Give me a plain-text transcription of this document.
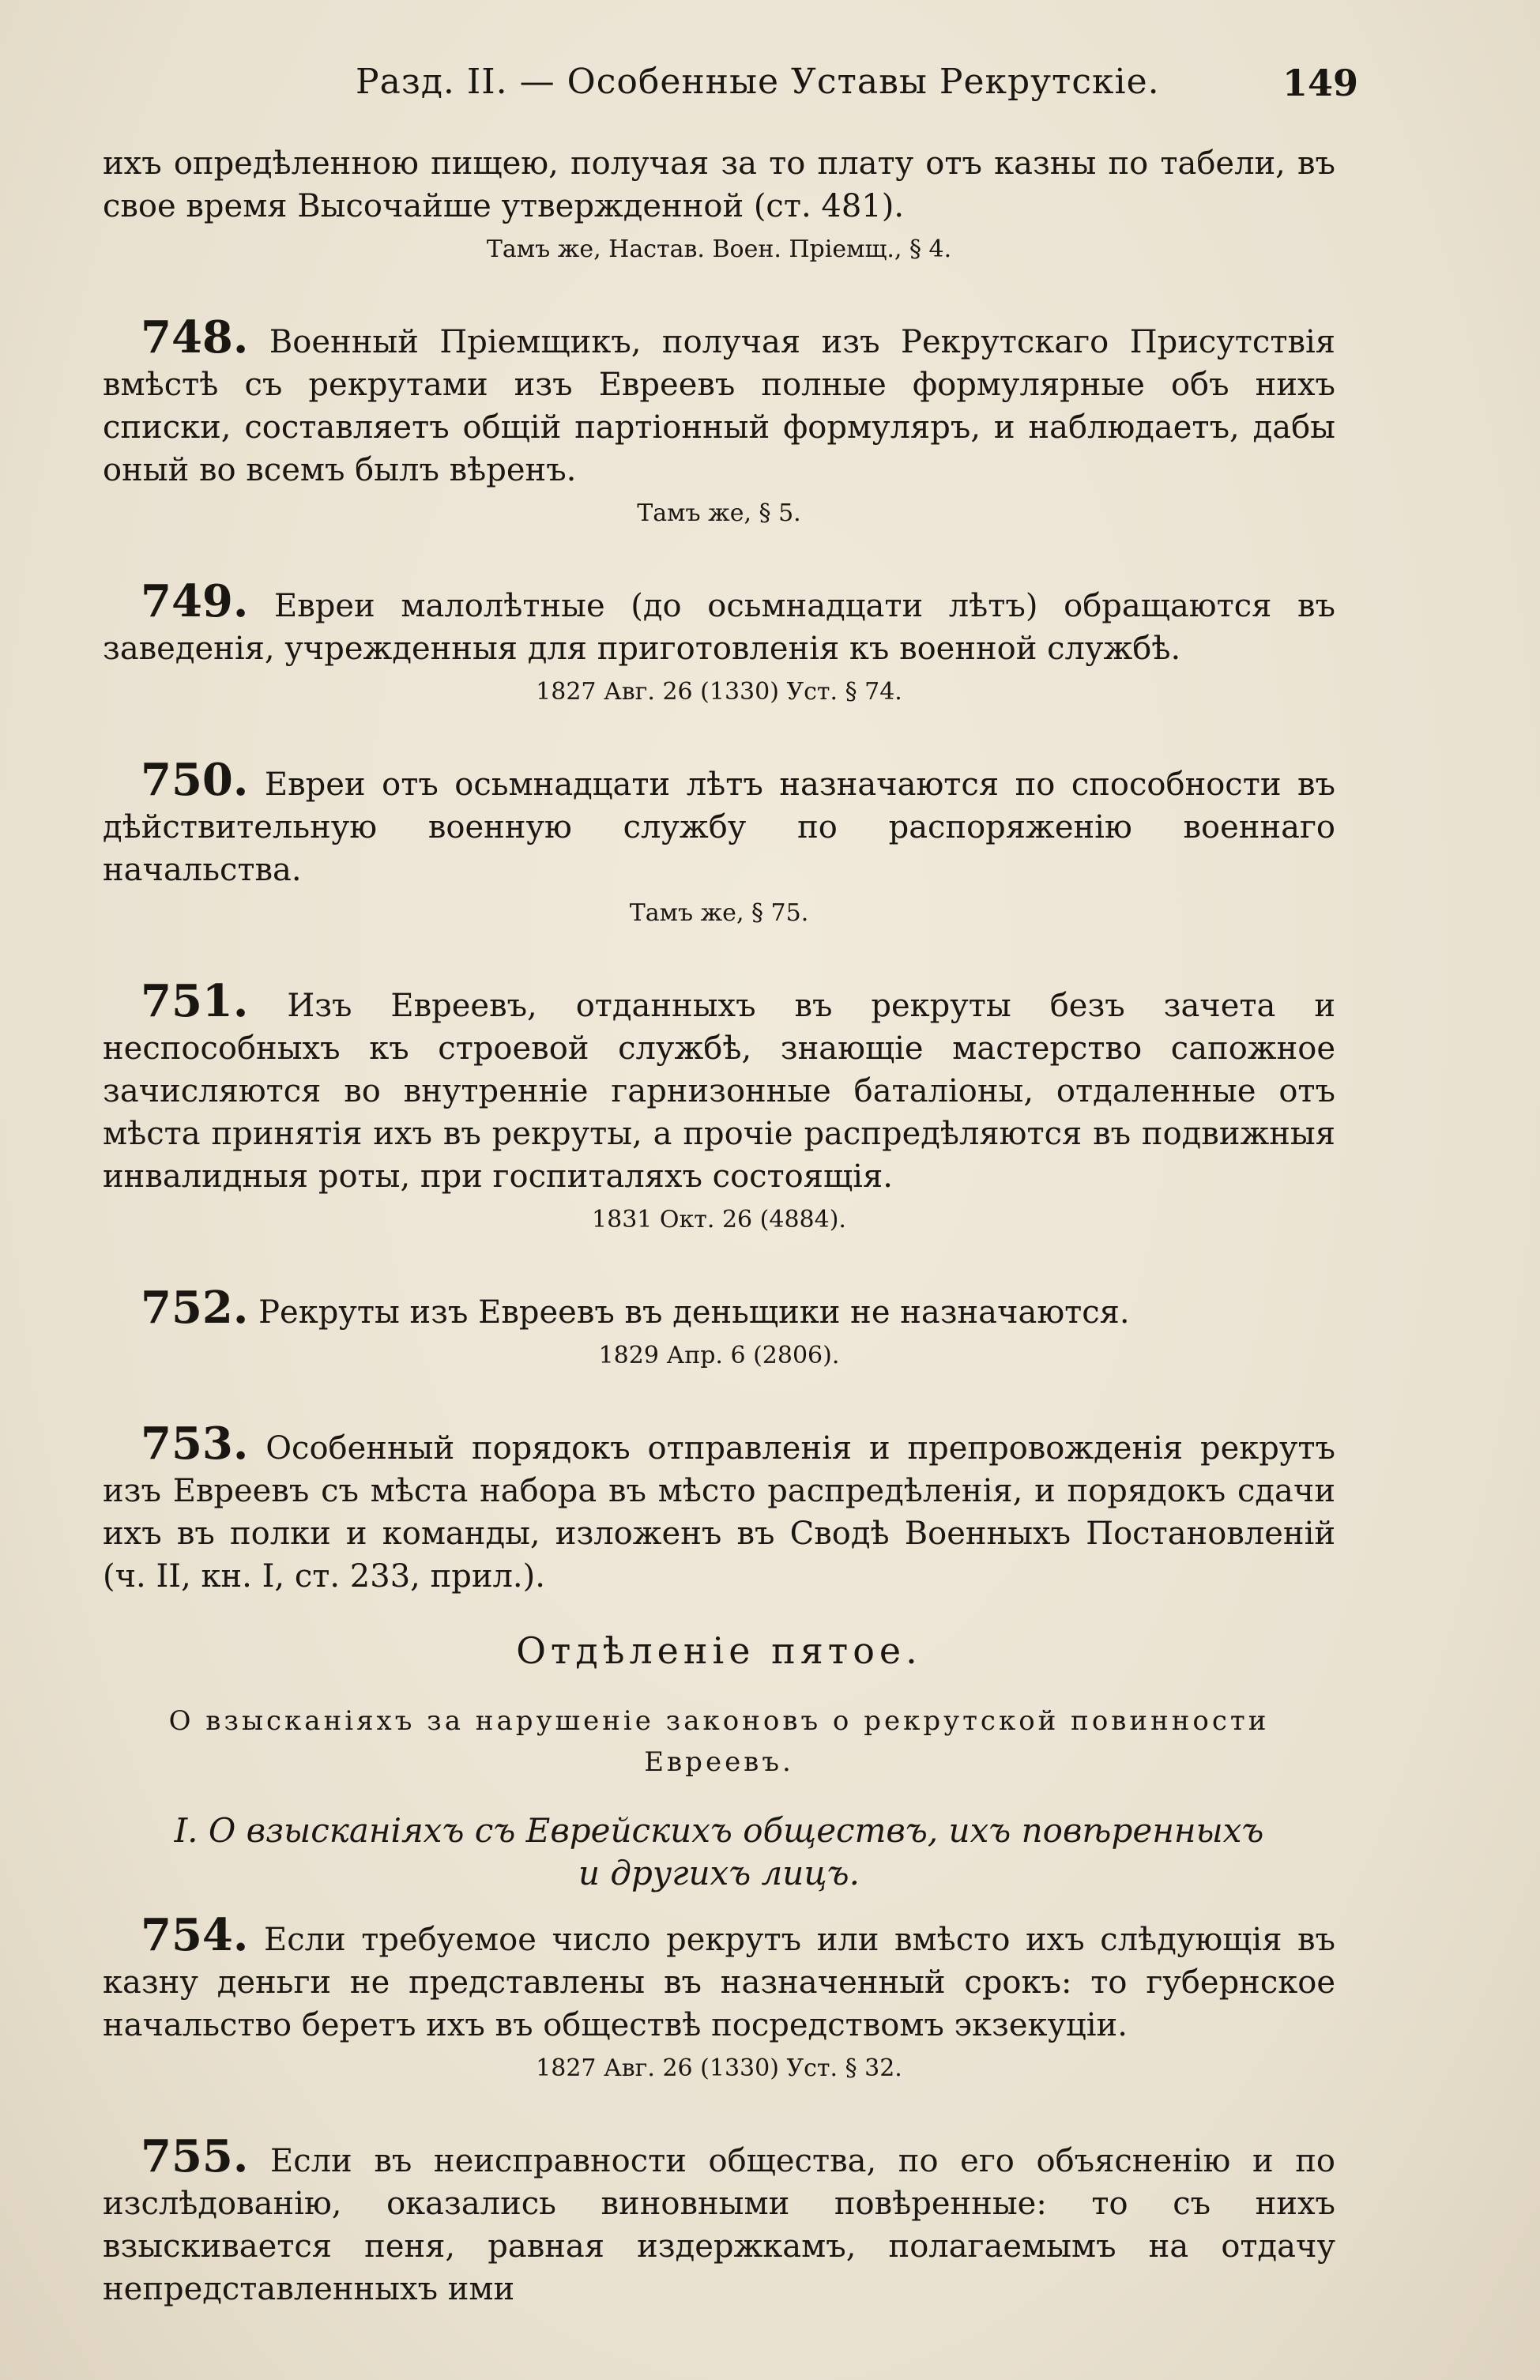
Разд. II. — Особенные Уставы Рекрутскіе.	149

ихъ опредѣленною пищею, получая за то плату отъ казны по табели, въ свое время Высочайше утвержденной (ст. 481).

Тамъ же, Настав. Воен. Пріемщ., § 4.

748. Военный Пріемщикъ, получая изъ Рекрутскаго Присутствія вмѣстѣ съ рекрутами изъ Евреевъ полные формулярные объ нихъ списки, составляетъ общій партіонный формуляръ, и наблюдаетъ, дабы оный во всемъ былъ вѣренъ.

Тамъ же, § 5.

749. Евреи малолѣтные (до осьмнадцати лѣтъ) обращаются въ заведенія, учрежденныя для приготовленія къ военной службѣ.

1827 Авг. 26 (1330) Уст. § 74.

750. Евреи отъ осьмнадцати лѣтъ назначаются по способности въ дѣйствительную военную службу по распоряженію военнаго начальства.

Тамъ же, § 75.

751. Изъ Евреевъ, отданныхъ въ рекруты безъ зачета и неспособныхъ къ строевой службѣ, знающіе мастерство сапожное зачисляются во внутренніе гарнизонные баталіоны, отдаленные отъ мѣста принятія ихъ въ рекруты, а прочіе распредѣляются въ подвижныя инвалидныя роты, при госпиталяхъ состоящія.

1831 Окт. 26 (4884).

752. Рекруты изъ Евреевъ въ деньщики не назначаются.

1829 Апр. 6 (2806).

753. Особенный порядокъ отправленія и препровожденія рекрутъ изъ Евреевъ съ мѣста набора въ мѣсто распредѣленія, и порядокъ сдачи ихъ въ полки и команды, изложенъ въ Сводѣ Военныхъ Постановленій (ч. II, кн. I, ст. 233, прил.).

Отдѣленіе пятое.
О взысканіяхъ за нарушеніе законовъ о рекрутской повинности Евреевъ.
I. О взысканіяхъ съ Еврейскихъ обществъ, ихъ повѣренныхъ и другихъ лицъ.

754. Если требуемое число рекрутъ или вмѣсто ихъ слѣдующія въ казну деньги не представлены въ назначенный срокъ: то губернское начальство беретъ ихъ въ обществѣ посредствомъ экзекуціи.

1827 Авг. 26 (1330) Уст. § 32.

755. Если въ неисправности общества, по его объясненію и по изслѣдованію, оказались виновными повѣренные: то съ нихъ взыскивается пеня, равная издержкамъ, полагаемымъ на отдачу непредставленныхъ ими
